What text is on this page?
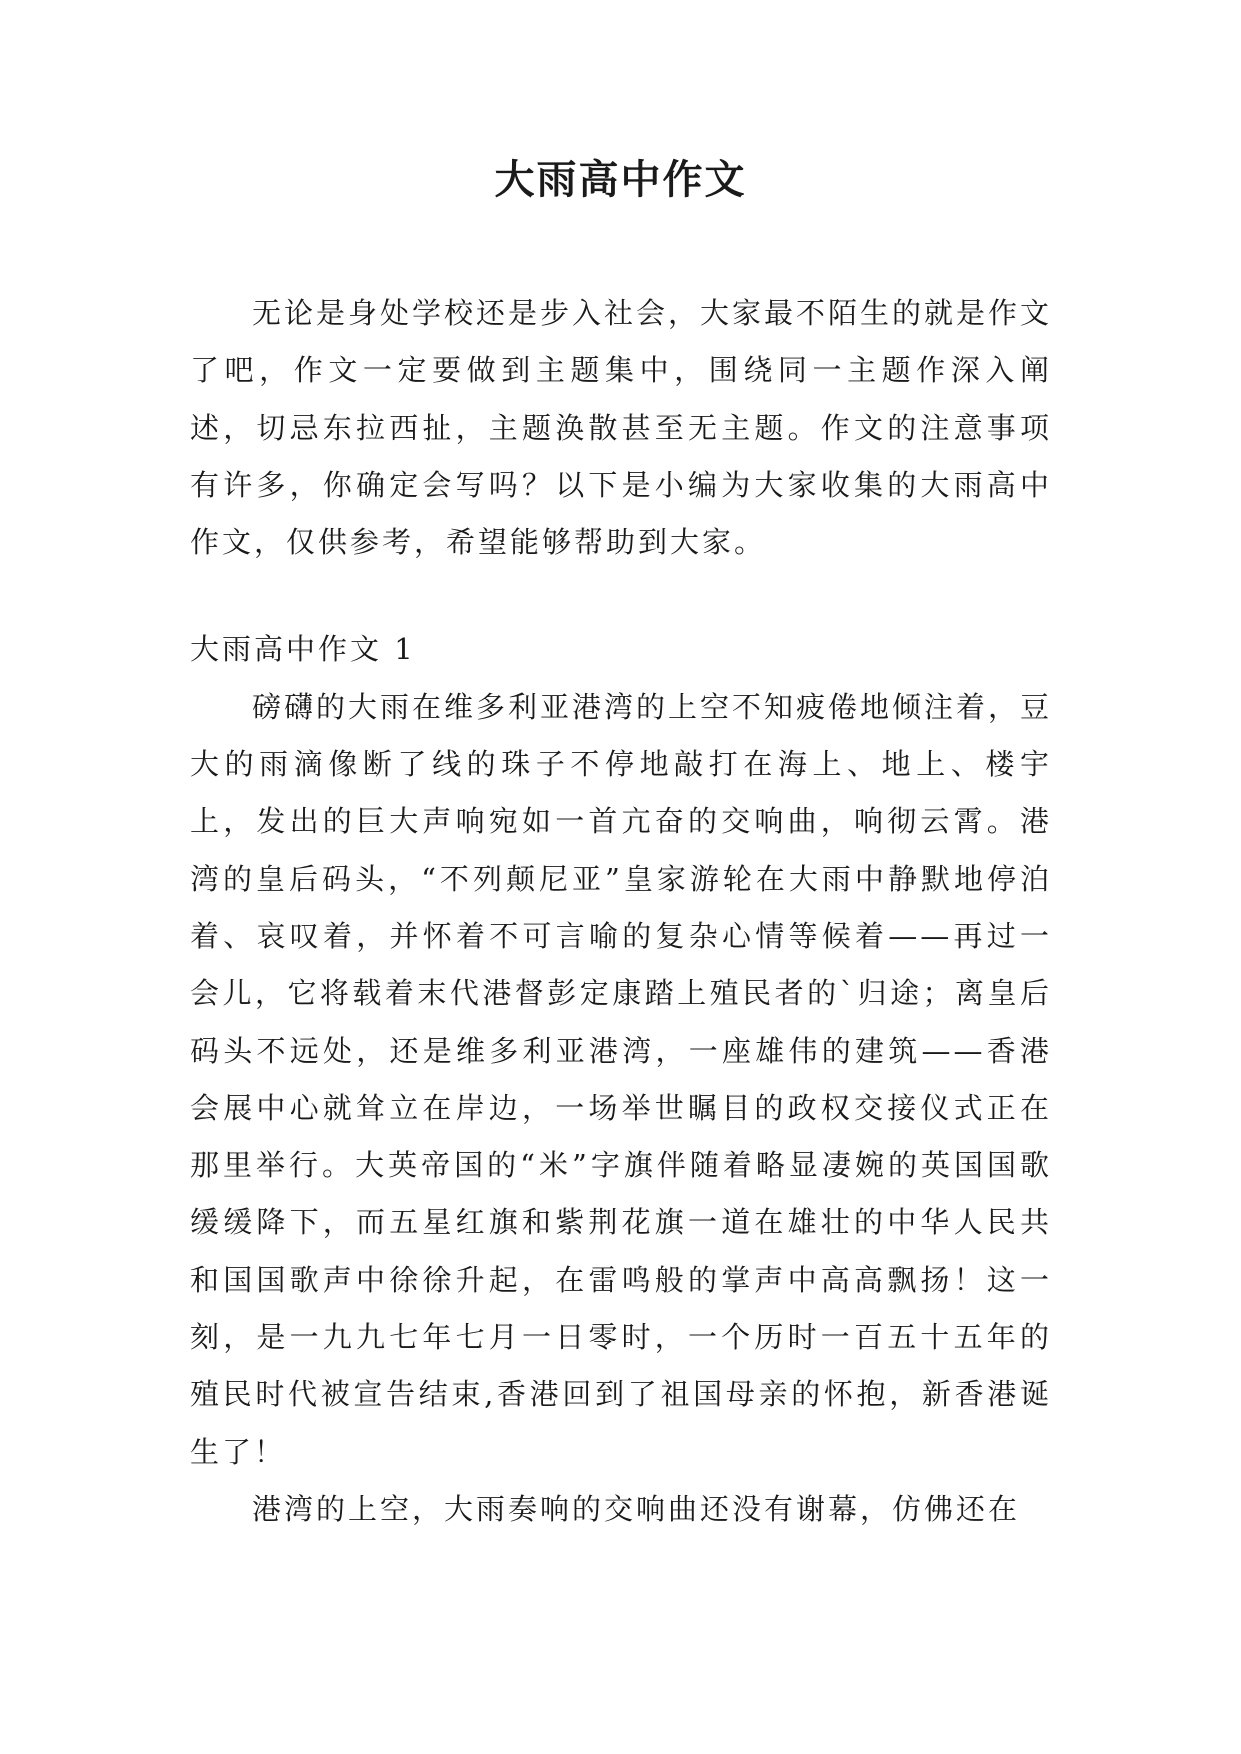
大雨高中作文

无论是身处学校还是步入社会，大家最不陌生的就是作文了吧，作文一定要做到主题集中，围绕同一主题作深入阐述，切忌东拉西扯，主题涣散甚至无主题。作文的注意事项有许多，你确定会写吗？以下是小编为大家收集的大雨高中作文，仅供参考，希望能够帮助到大家。

大雨高中作文 1

磅礴的大雨在维多利亚港湾的上空不知疲倦地倾注着，豆大的雨滴像断了线的珠子不停地敲打在海上、地上、楼宇上，发出的巨大声响宛如一首亢奋的交响曲，响彻云霄。港湾的皇后码头，“不列颠尼亚”皇家游轮在大雨中静默地停泊着、哀叹着，并怀着不可言喻的复杂心情等候着——再过一会儿，它将载着末代港督彭定康踏上殖民者的`归途；离皇后码头不远处，还是维多利亚港湾，一座雄伟的建筑——香港会展中心就耸立在岸边，一场举世瞩目的政权交接仪式正在那里举行。大英帝国的“米”字旗伴随着略显凄婉的英国国歌缓缓降下，而五星红旗和紫荆花旗一道在雄壮的中华人民共和国国歌声中徐徐升起，在雷鸣般的掌声中高高飘扬！这一刻，是一九九七年七月一日零时，一个历时一百五十五年的殖民时代被宣告结束,香港回到了祖国母亲的怀抱，新香港诞生了！

港湾的上空，大雨奏响的交响曲还没有谢幕，仿佛还在
